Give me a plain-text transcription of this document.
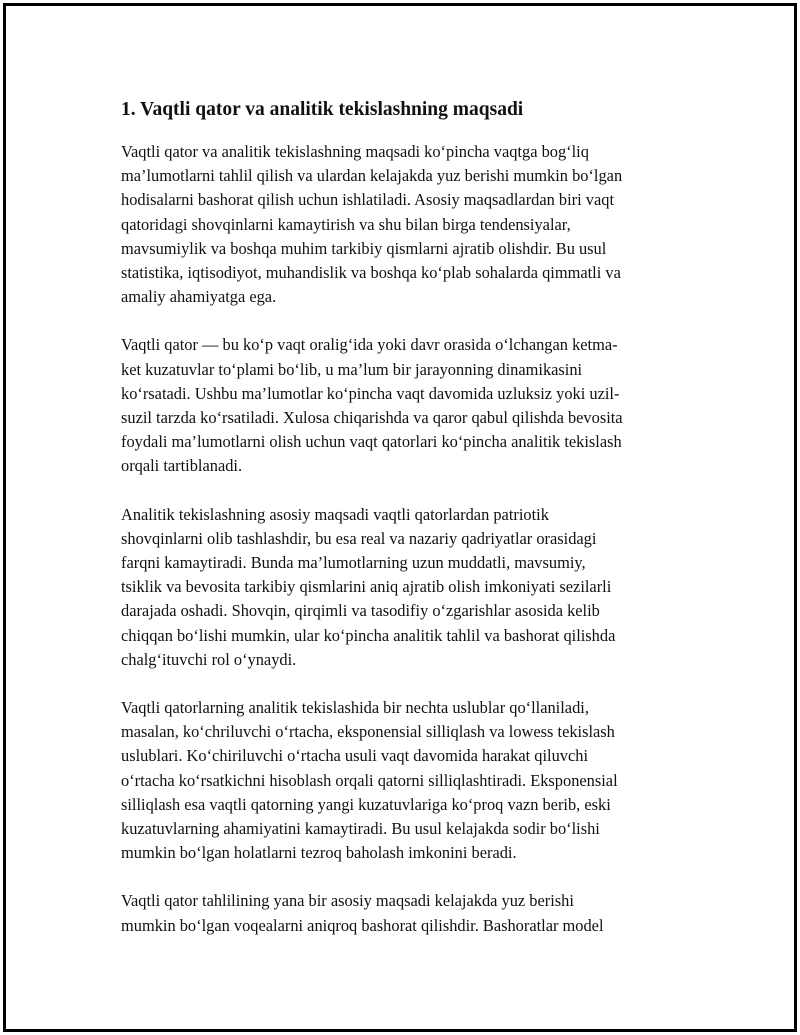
1. Vaqtli qator va analitik tekislashning maqsadi

Vaqtli qator va analitik tekislashning maqsadi ko‘pincha vaqtga bog‘liq
ma’lumotlarni tahlil qilish va ulardan kelajakda yuz berishi mumkin bo‘lgan
hodisalarni bashorat qilish uchun ishlatiladi. Asosiy maqsadlardan biri vaqt
qatoridagi shovqinlarni kamaytirish va shu bilan birga tendensiyalar,
mavsumiylik va boshqa muhim tarkibiy qismlarni ajratib olishdir. Bu usul
statistika, iqtisodiyot, muhandislik va boshqa ko‘plab sohalarda qimmatli va
amaliy ahamiyatga ega.

Vaqtli qator — bu ko‘p vaqt oralig‘ida yoki davr orasida o‘lchangan ketma-
ket kuzatuvlar to‘plami bo‘lib, u ma’lum bir jarayonning dinamikasini
ko‘rsatadi. Ushbu ma’lumotlar ko‘pincha vaqt davomida uzluksiz yoki uzil-
suzil tarzda ko‘rsatiladi. Xulosa chiqarishda va qaror qabul qilishda bevosita
foydali ma’lumotlarni olish uchun vaqt qatorlari ko‘pincha analitik tekislash
orqali tartiblanadi.

Analitik tekislashning asosiy maqsadi vaqtli qatorlardan patriotik
shovqinlarni olib tashlashdir, bu esa real va nazariy qadriyatlar orasidagi
farqni kamaytiradi. Bunda ma’lumotlarning uzun muddatli, mavsumiy,
tsiklik va bevosita tarkibiy qismlarini aniq ajratib olish imkoniyati sezilarli
darajada oshadi. Shovqin, qirqimli va tasodifiy o‘zgarishlar asosida kelib
chiqqan bo‘lishi mumkin, ular ko‘pincha analitik tahlil va bashorat qilishda
chalg‘ituvchi rol o‘ynaydi.

Vaqtli qatorlarning analitik tekislashida bir nechta uslublar qo‘llaniladi,
masalan, ko‘chriluvchi o‘rtacha, eksponensial silliqlash va lowess tekislash
uslublari. Ko‘chiriluvchi o‘rtacha usuli vaqt davomida harakat qiluvchi
o‘rtacha ko‘rsatkichni hisoblash orqali qatorni silliqlashtiradi. Eksponensial
silliqlash esa vaqtli qatorning yangi kuzatuvlariga ko‘proq vazn berib, eski
kuzatuvlarning ahamiyatini kamaytiradi. Bu usul kelajakda sodir bo‘lishi
mumkin bo‘lgan holatlarni tezroq baholash imkonini beradi.

Vaqtli qator tahlilining yana bir asosiy maqsadi kelajakda yuz berishi
mumkin bo‘lgan voqealarni aniqroq bashorat qilishdir. Bashoratlar model
